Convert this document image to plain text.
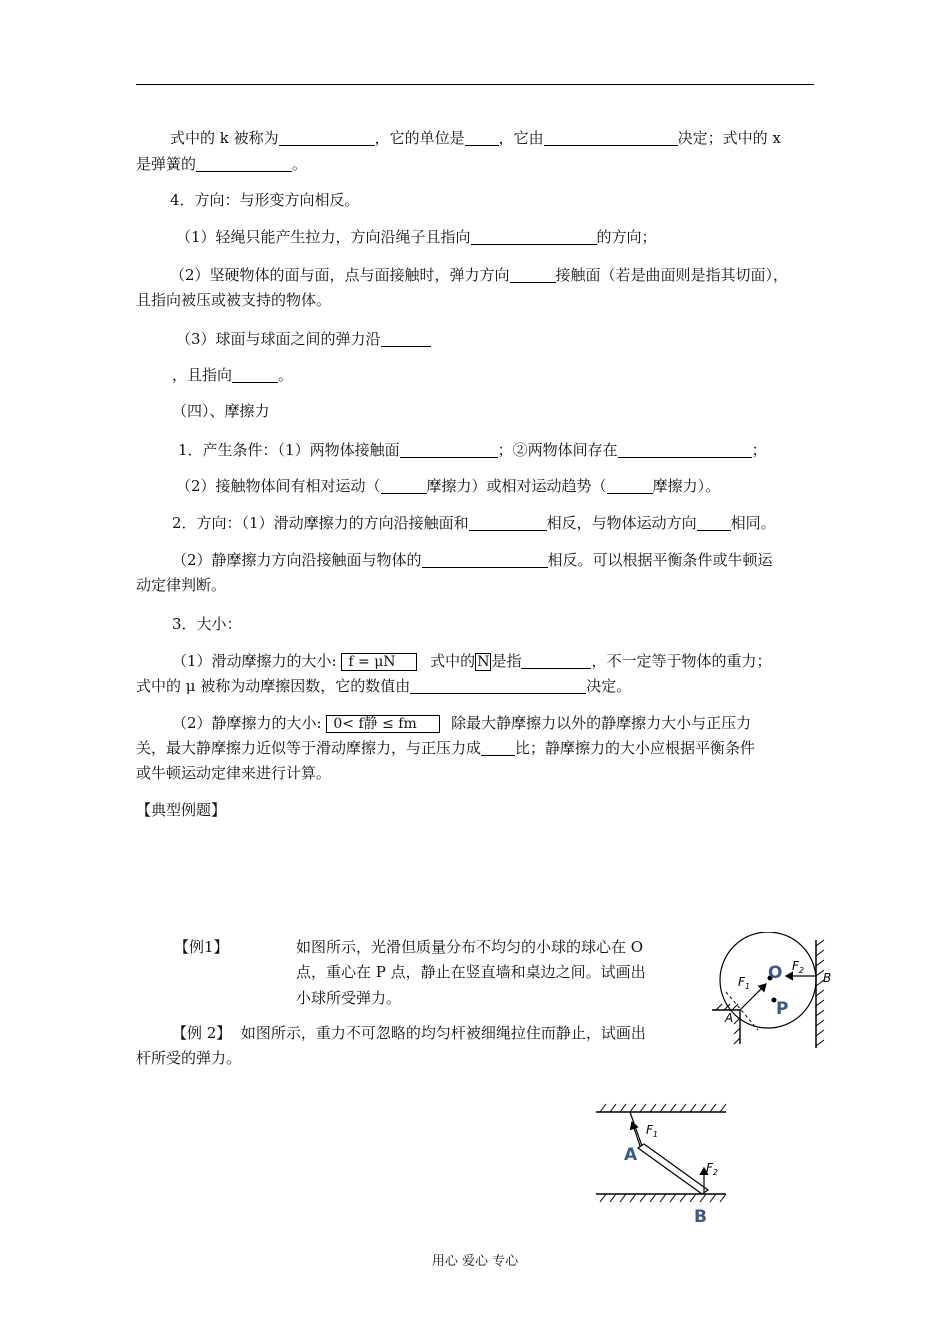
式中的 k 被称为	，它的单位是 ，它由	决定；式中的 x
是弹簧的	。
4．方向：与形变方向相反。
（1）轻绳只能产生拉力，方向沿绳子且指向	的方向；
（2）坚硬物体的面与面，点与面接触时，弹力方向	接触面（若是曲面则是指其切面），
且指向被压或被支持的物体。
（3）球面与球面之间的弹力沿
，且指向	。
（四）、摩擦力
1．产生条件：（1）两物体接触面	；②两物体间存在	；
（2）接触物体间有相对运动（	摩擦力）或相对运动趋势（	摩擦力）。
2．方向：（1）滑动摩擦力的方向沿接触面和	相反，与物体运动方向 相同。
（2）静摩擦力方向沿接触面与物体的	相反。可以根据平衡条件或牛顿运
动定律判断。
3．大小：
（1）滑动摩擦力的大小: f = μN 式中的 N 是指	，不一定等于物体的重力；
式中的 μ 被称为动摩擦因数，它的数值由	决定。
（2）静摩擦力的大小: 0< f静 ≤ fm 除最大静摩擦力以外的静摩擦力大小与正压力
关，最大静摩擦力近似等于滑动摩擦力，与正压力成 比；静摩擦力的大小应根据平衡条件
或牛顿运动定律来进行计算。
【典型例题】
【例1】	如图所示，光滑但质量分布不均匀的小球的球心在 O
点，重心在 P 点，静止在竖直墙和桌边之间。试画出
小球所受弹力。
【例 2】 如图所示，重力不可忽略的均匀杆被细绳拉住而静止，试画出
杆所受的弹力。
O
P
A
B
$F_1$
$F_2$
A
B
$F_1$
$F_2$
用心 爱心 专心
